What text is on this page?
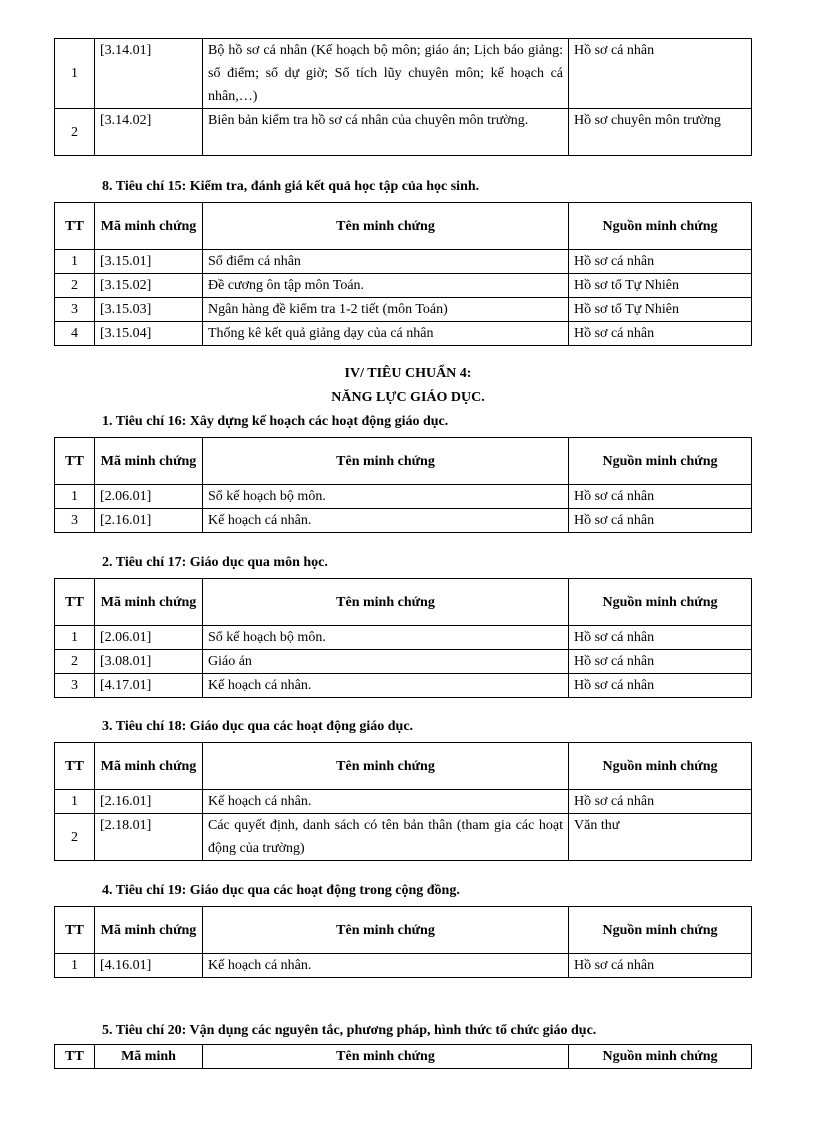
1	[3.14.01]	Bộ hồ sơ cá nhân (Kế hoạch bộ môn; giáo án; Lịch báo giảng: sổ điểm; sổ dự giờ; Sổ tích lũy chuyên môn; kế hoạch cá nhân,…)	Hồ sơ cá nhân
2	[3.14.02]	Biên bản kiểm tra hồ sơ cá nhân của chuyên môn trường.	Hồ sơ chuyên môn trường
8. Tiêu chí 15: Kiểm tra, đánh giá kết quả học tập của học sinh.
TT	Mã minh chứng	Tên minh chứng	Nguồn minh chứng
1	[3.15.01]	Sổ điểm cá nhân	Hồ sơ cá nhân
2	[3.15.02]	Đề cương ôn tập môn Toán.	Hồ sơ tổ Tự Nhiên
3	[3.15.03]	Ngân hàng đề kiểm tra 1-2 tiết (môn Toán)	Hồ sơ tổ Tự Nhiên
4	[3.15.04]	Thống kê kết quả giảng dạy của cá nhân	Hồ sơ cá nhân
IV/ TIÊU CHUẨN 4:
NĂNG LỰC GIÁO DỤC.
1. Tiêu chí 16: Xây dựng kế hoạch các hoạt động giáo dục.
TT	Mã minh chứng	Tên minh chứng	Nguồn minh chứng
1	[2.06.01]	Sổ kế hoạch bộ môn.	Hồ sơ cá nhân
3	[2.16.01]	Kế hoạch cá nhân.	Hồ sơ cá nhân
2. Tiêu chí 17: Giáo dục qua môn học.
TT	Mã minh chứng	Tên minh chứng	Nguồn minh chứng
1	[2.06.01]	Sổ kế hoạch bộ môn.	Hồ sơ cá nhân
2	[3.08.01]	Giáo án	Hồ sơ cá nhân
3	[4.17.01]	Kế hoạch cá nhân.	Hồ sơ cá nhân
3. Tiêu chí 18: Giáo dục qua các hoạt động giáo dục.
TT	Mã minh chứng	Tên minh chứng	Nguồn minh chứng
1	[2.16.01]	Kế hoạch cá nhân.	Hồ sơ cá nhân
2	[2.18.01]	Các quyết định, danh sách có tên bản thân (tham gia các hoạt động của trường)	Văn thư
4. Tiêu chí 19: Giáo dục qua các hoạt động trong cộng đồng.
TT	Mã minh chứng	Tên minh chứng	Nguồn minh chứng
1	[4.16.01]	Kế hoạch cá nhân.	Hồ sơ cá nhân
5. Tiêu chí 20: Vận dụng các nguyên tắc, phương pháp, hình thức tổ chức giáo dục.
TT	Mã minh	Tên minh chứng	Nguồn minh chứng
